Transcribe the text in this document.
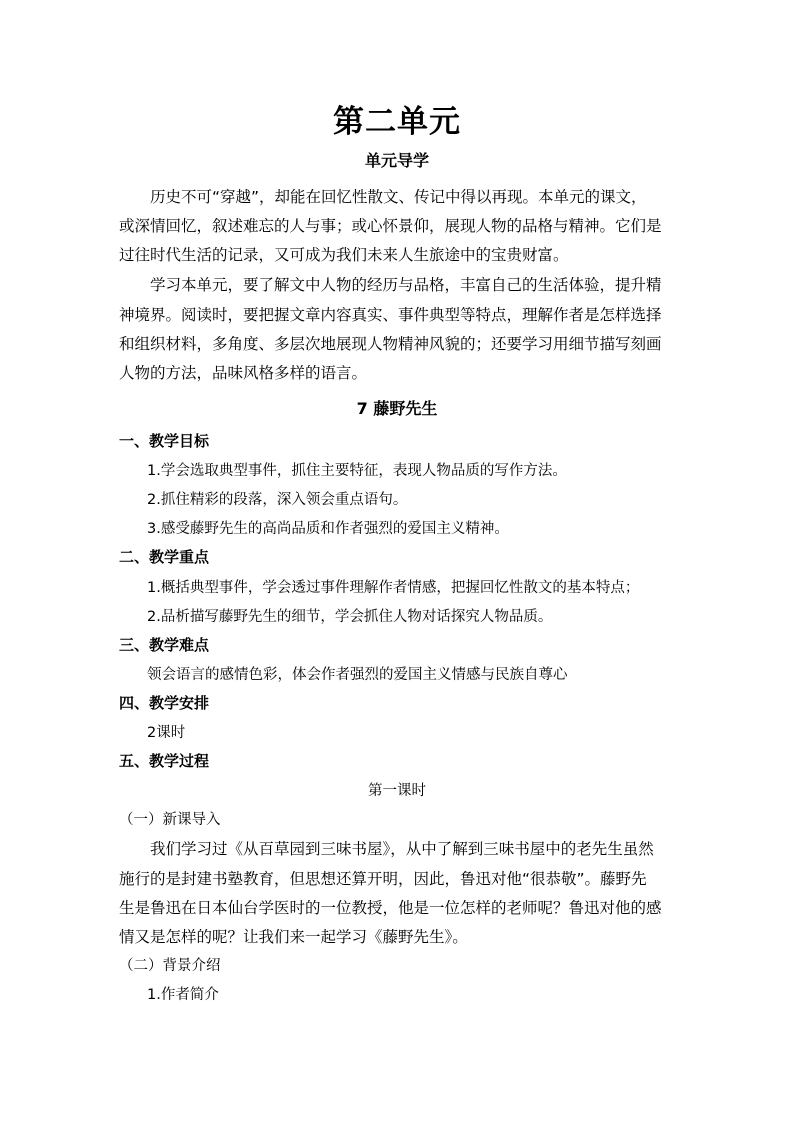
第二单元
单元导学
历史不可“穿越”，却能在回忆性散文、传记中得以再现。本单元的课文，
或深情回忆，叙述难忘的人与事；或心怀景仰，展现人物的品格与精神。它们是
过往时代生活的记录，又可成为我们未来人生旅途中的宝贵财富。
学习本单元，要了解文中人物的经历与品格，丰富自己的生活体验，提升精
神境界。阅读时，要把握文章内容真实、事件典型等特点，理解作者是怎样选择
和组织材料，多角度、多层次地展现人物精神风貌的；还要学习用细节描写刻画
人物的方法，品味风格多样的语言。
7 藤野先生
一、教学目标
1.学会选取典型事件，抓住主要特征，表现人物品质的写作方法。
2.抓住精彩的段落，深入领会重点语句。
3.感受藤野先生的高尚品质和作者强烈的爱国主义精神。
二、教学重点
1.概括典型事件，学会透过事件理解作者情感，把握回忆性散文的基本特点；
2.品析描写藤野先生的细节，学会抓住人物对话探究人物品质。
三、教学难点
领会语言的感情色彩，体会作者强烈的爱国主义情感与民族自尊心
四、教学安排
2课时
五、教学过程
第一课时
（一）新课导入
我们学习过《从百草园到三味书屋》，从中了解到三味书屋中的老先生虽然
施行的是封建书塾教育，但思想还算开明，因此，鲁迅对他“很恭敬”。藤野先
生是鲁迅在日本仙台学医时的一位教授，他是一位怎样的老师呢？鲁迅对他的感
情又是怎样的呢？让我们来一起学习《藤野先生》。
（二）背景介绍
1.作者简介
